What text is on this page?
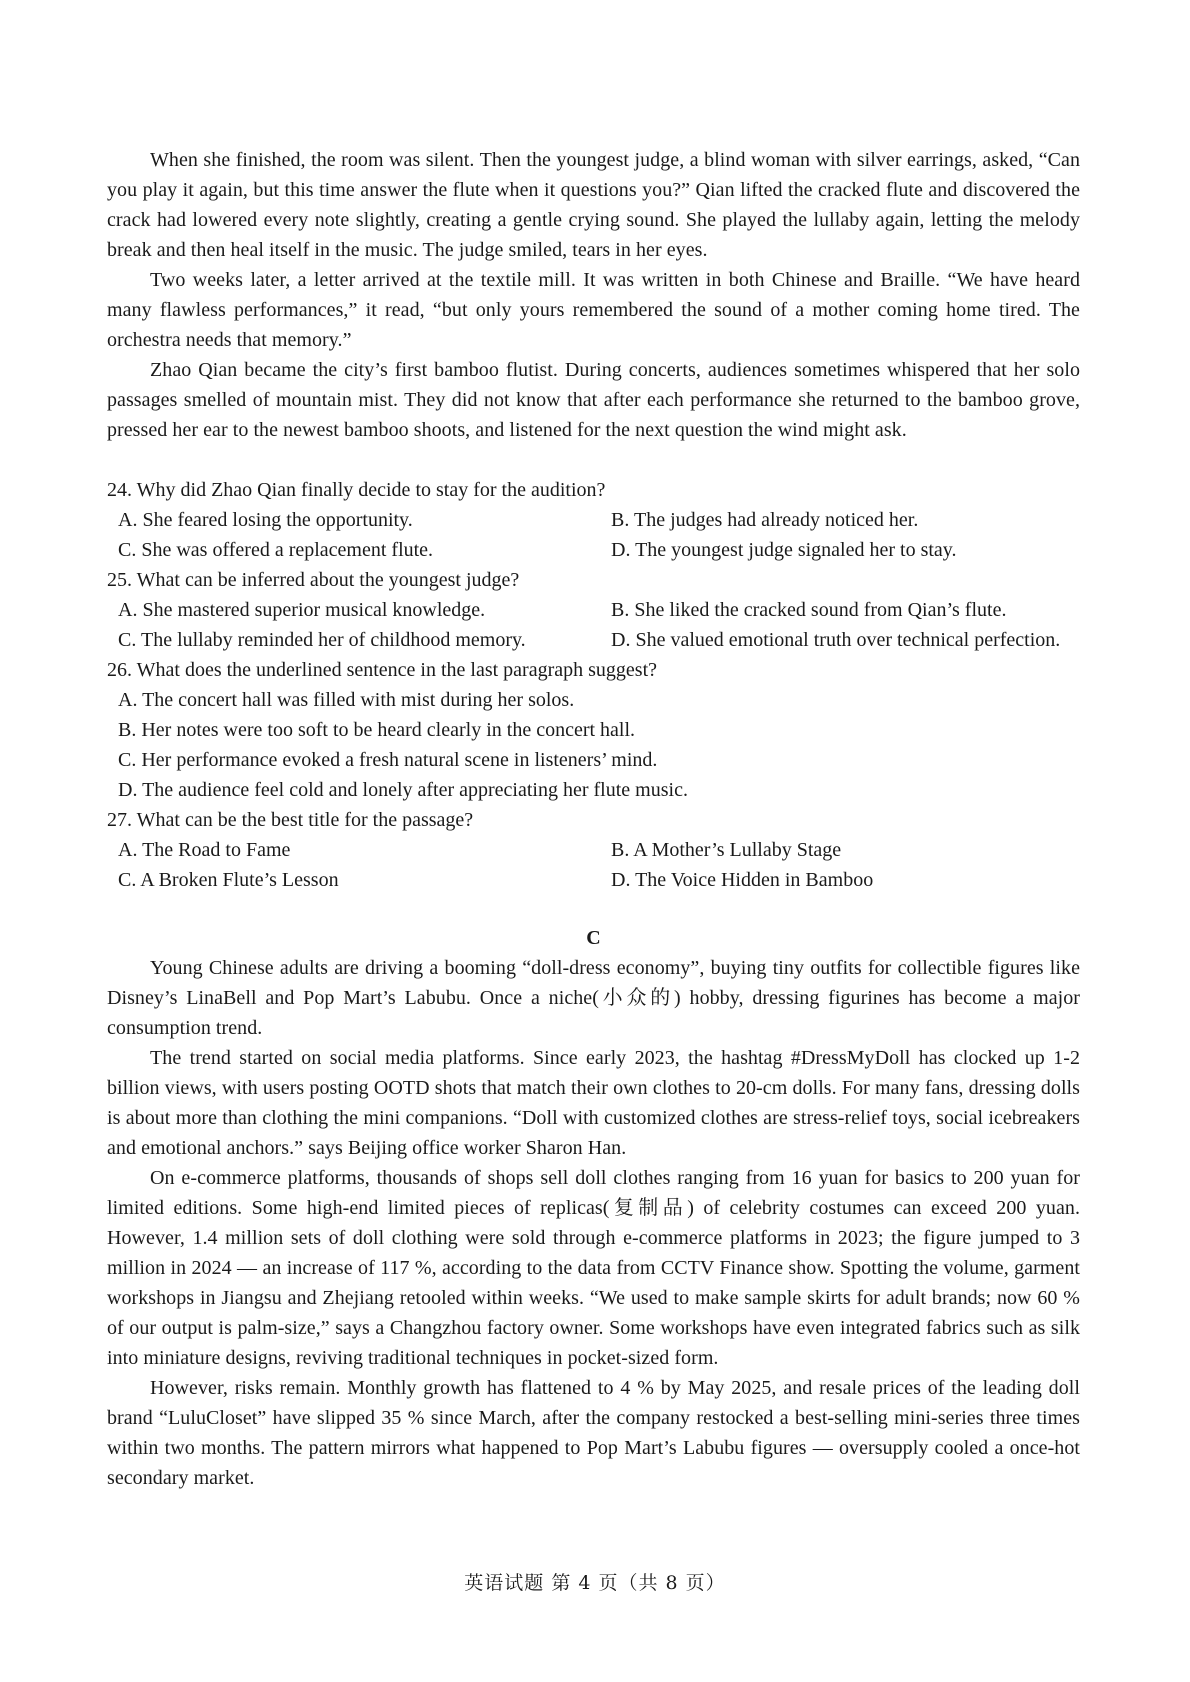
When she finished, the room was silent. Then the youngest judge, a blind woman with silver earrings, asked, “Can you play it again, but this time answer the flute when it questions you?” Qian lifted the cracked flute and discovered the crack had lowered every note slightly, creating a gentle crying sound. She played the lullaby again, letting the melody break and then heal itself in the music. The judge smiled, tears in her eyes.

Two weeks later, a letter arrived at the textile mill. It was written in both Chinese and Braille. “We have heard many flawless performances,” it read, “but only yours remembered the sound of a mother coming home tired. The orchestra needs that memory.”

Zhao Qian became the city’s first bamboo flutist. During concerts, audiences sometimes whispered that her solo passages smelled of mountain mist. They did not know that after each performance she returned to the bamboo grove, pressed her ear to the newest bamboo shoots, and listened for the next question the wind might ask.

24. Why did Zhao Qian finally decide to stay for the audition?

A. She feared losing the opportunity.	B. The judges had already noticed her.
C. She was offered a replacement flute.	D. The youngest judge signaled her to stay.

25. What can be inferred about the youngest judge?

A. She mastered superior musical knowledge.	B. She liked the cracked sound from Qian’s flute.
C. The lullaby reminded her of childhood memory.	D. She valued emotional truth over technical perfection.

26. What does the underlined sentence in the last paragraph suggest?

A. The concert hall was filled with mist during her solos.
B. Her notes were too soft to be heard clearly in the concert hall.
C. Her performance evoked a fresh natural scene in listeners’ mind.
D. The audience feel cold and lonely after appreciating her flute music.

27. What can be the best title for the passage?

A. The Road to Fame	B. A Mother’s Lullaby Stage
C. A Broken Flute’s Lesson	D. The Voice Hidden in Bamboo
C

Young Chinese adults are driving a booming “doll-dress economy”, buying tiny outfits for collectible figures like Disney’s LinaBell and Pop Mart’s Labubu. Once a niche(小众的) hobby, dressing figurines has become a major consumption trend.

The trend started on social media platforms. Since early 2023, the hashtag #DressMyDoll has clocked up 1-2 billion views, with users posting OOTD shots that match their own clothes to 20-cm dolls. For many fans, dressing dolls is about more than clothing the mini companions. “Doll with customized clothes are stress-relief toys, social icebreakers and emotional anchors.” says Beijing office worker Sharon Han.

On e-commerce platforms, thousands of shops sell doll clothes ranging from 16 yuan for basics to 200 yuan for limited editions. Some high-end limited pieces of replicas(复制品) of celebrity costumes can exceed 200 yuan. However, 1.4 million sets of doll clothing were sold through e-commerce platforms in 2023; the figure jumped to 3 million in 2024 — an increase of 117 %, according to the data from CCTV Finance show. Spotting the volume, garment workshops in Jiangsu and Zhejiang retooled within weeks. “We used to make sample skirts for adult brands; now 60 % of our output is palm-size,” says a Changzhou factory owner. Some workshops have even integrated fabrics such as silk into miniature designs, reviving traditional techniques in pocket-sized form.

However, risks remain. Monthly growth has flattened to 4 % by May 2025, and resale prices of the leading doll brand “LuluCloset” have slipped 35 % since March, after the company restocked a best-selling mini-series three times within two months. The pattern mirrors what happened to Pop Mart’s Labubu figures — oversupply cooled a once-hot secondary market.

英语试题 第 4 页（共 8 页）
